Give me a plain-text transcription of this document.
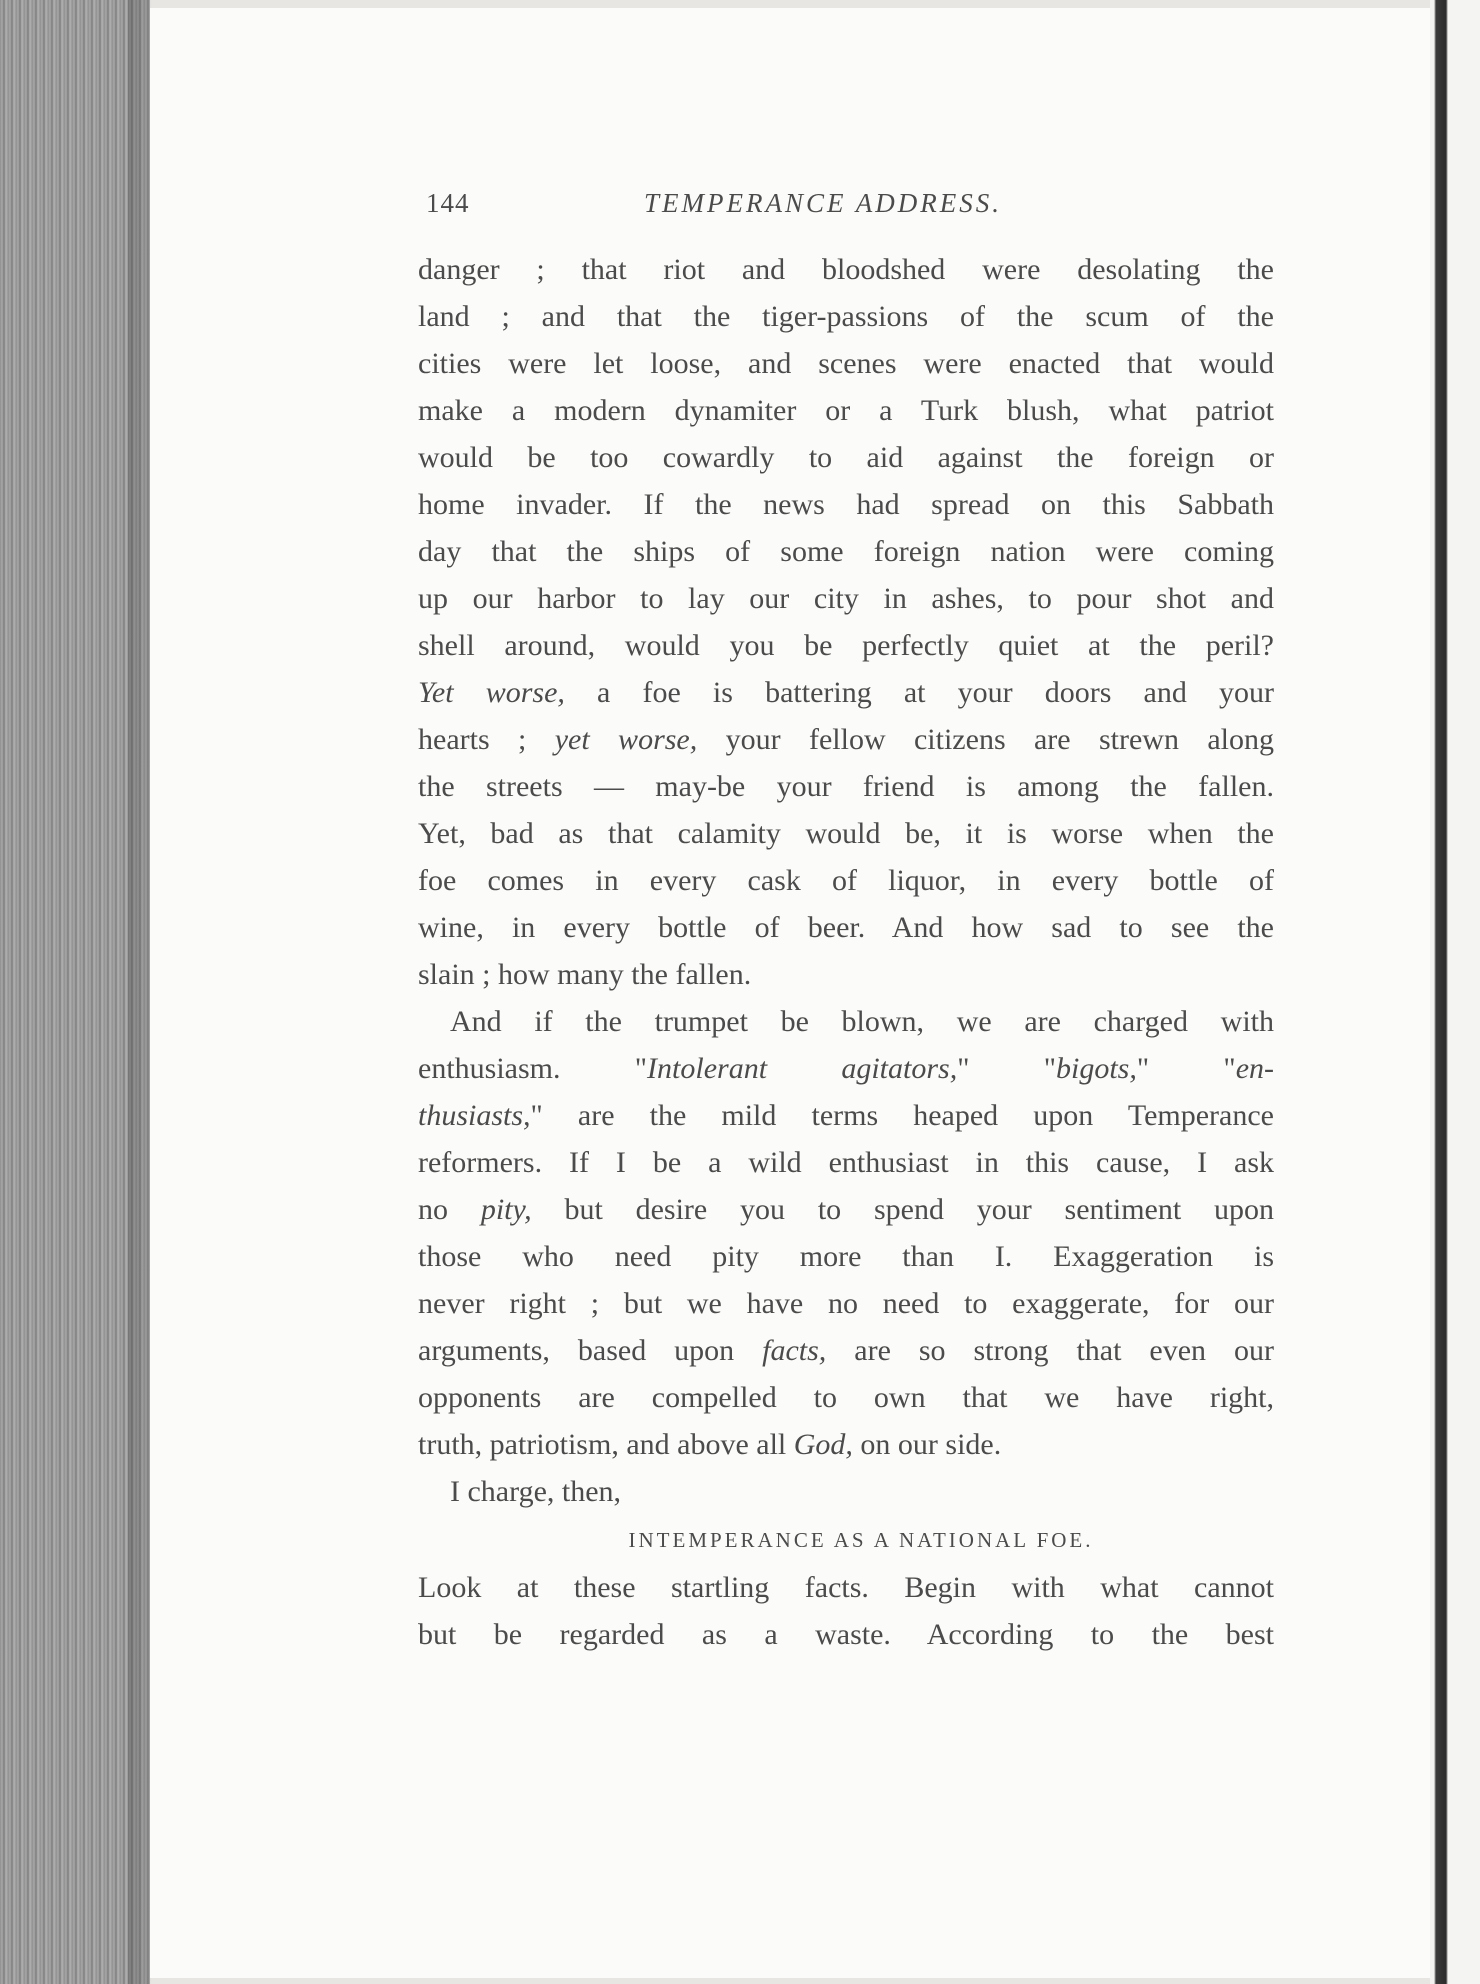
144	TEMPERANCE ADDRESS.
danger ; that riot and bloodshed were desolating the
land ; and that the tiger-passions of the scum of the
cities were let loose, and scenes were enacted that would
make a modern dynamiter or a Turk blush, what patriot
would be too cowardly to aid against the foreign or
home invader. If the news had spread on this Sabbath
day that the ships of some foreign nation were coming
up our harbor to lay our city in ashes, to pour shot and
shell around, would you be perfectly quiet at the peril?
Yet worse, a foe is battering at your doors and your
hearts ; yet worse, your fellow citizens are strewn along
the streets — may-be your friend is among the fallen.
Yet, bad as that calamity would be, it is worse when the
foe comes in every cask of liquor, in every bottle of
wine, in every bottle of beer. And how sad to see the
slain ; how many the fallen.
And if the trumpet be blown, we are charged with
enthusiasm. "Intolerant agitators," "bigots," "en-
thusiasts," are the mild terms heaped upon Temperance
reformers. If I be a wild enthusiast in this cause, I ask
no pity, but desire you to spend your sentiment upon
those who need pity more than I. Exaggeration is
never right ; but we have no need to exaggerate, for our
arguments, based upon facts, are so strong that even our
opponents are compelled to own that we have right,
truth, patriotism, and above all God, on our side.
I charge, then,
INTEMPERANCE AS A NATIONAL FOE.
Look at these startling facts. Begin with what cannot
but be regarded as a waste. According to the best
